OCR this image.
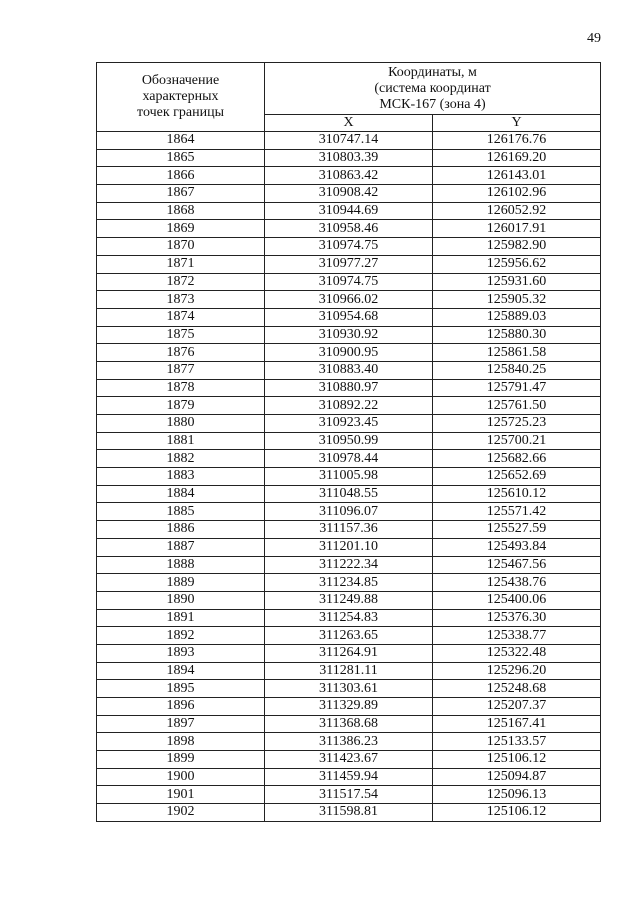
49
Обозначение
характерных
точек границы	Координаты, м
(система координат
МСК-167 (зона 4)	
	X	Y
1864	310747.14	126176.76
1865	310803.39	126169.20
1866	310863.42	126143.01
1867	310908.42	126102.96
1868	310944.69	126052.92
1869	310958.46	126017.91
1870	310974.75	125982.90
1871	310977.27	125956.62
1872	310974.75	125931.60
1873	310966.02	125905.32
1874	310954.68	125889.03
1875	310930.92	125880.30
1876	310900.95	125861.58
1877	310883.40	125840.25
1878	310880.97	125791.47
1879	310892.22	125761.50
1880	310923.45	125725.23
1881	310950.99	125700.21
1882	310978.44	125682.66
1883	311005.98	125652.69
1884	311048.55	125610.12
1885	311096.07	125571.42
1886	311157.36	125527.59
1887	311201.10	125493.84
1888	311222.34	125467.56
1889	311234.85	125438.76
1890	311249.88	125400.06
1891	311254.83	125376.30
1892	311263.65	125338.77
1893	311264.91	125322.48
1894	311281.11	125296.20
1895	311303.61	125248.68
1896	311329.89	125207.37
1897	311368.68	125167.41
1898	311386.23	125133.57
1899	311423.67	125106.12
1900	311459.94	125094.87
1901	311517.54	125096.13
1902	311598.81	125106.12
